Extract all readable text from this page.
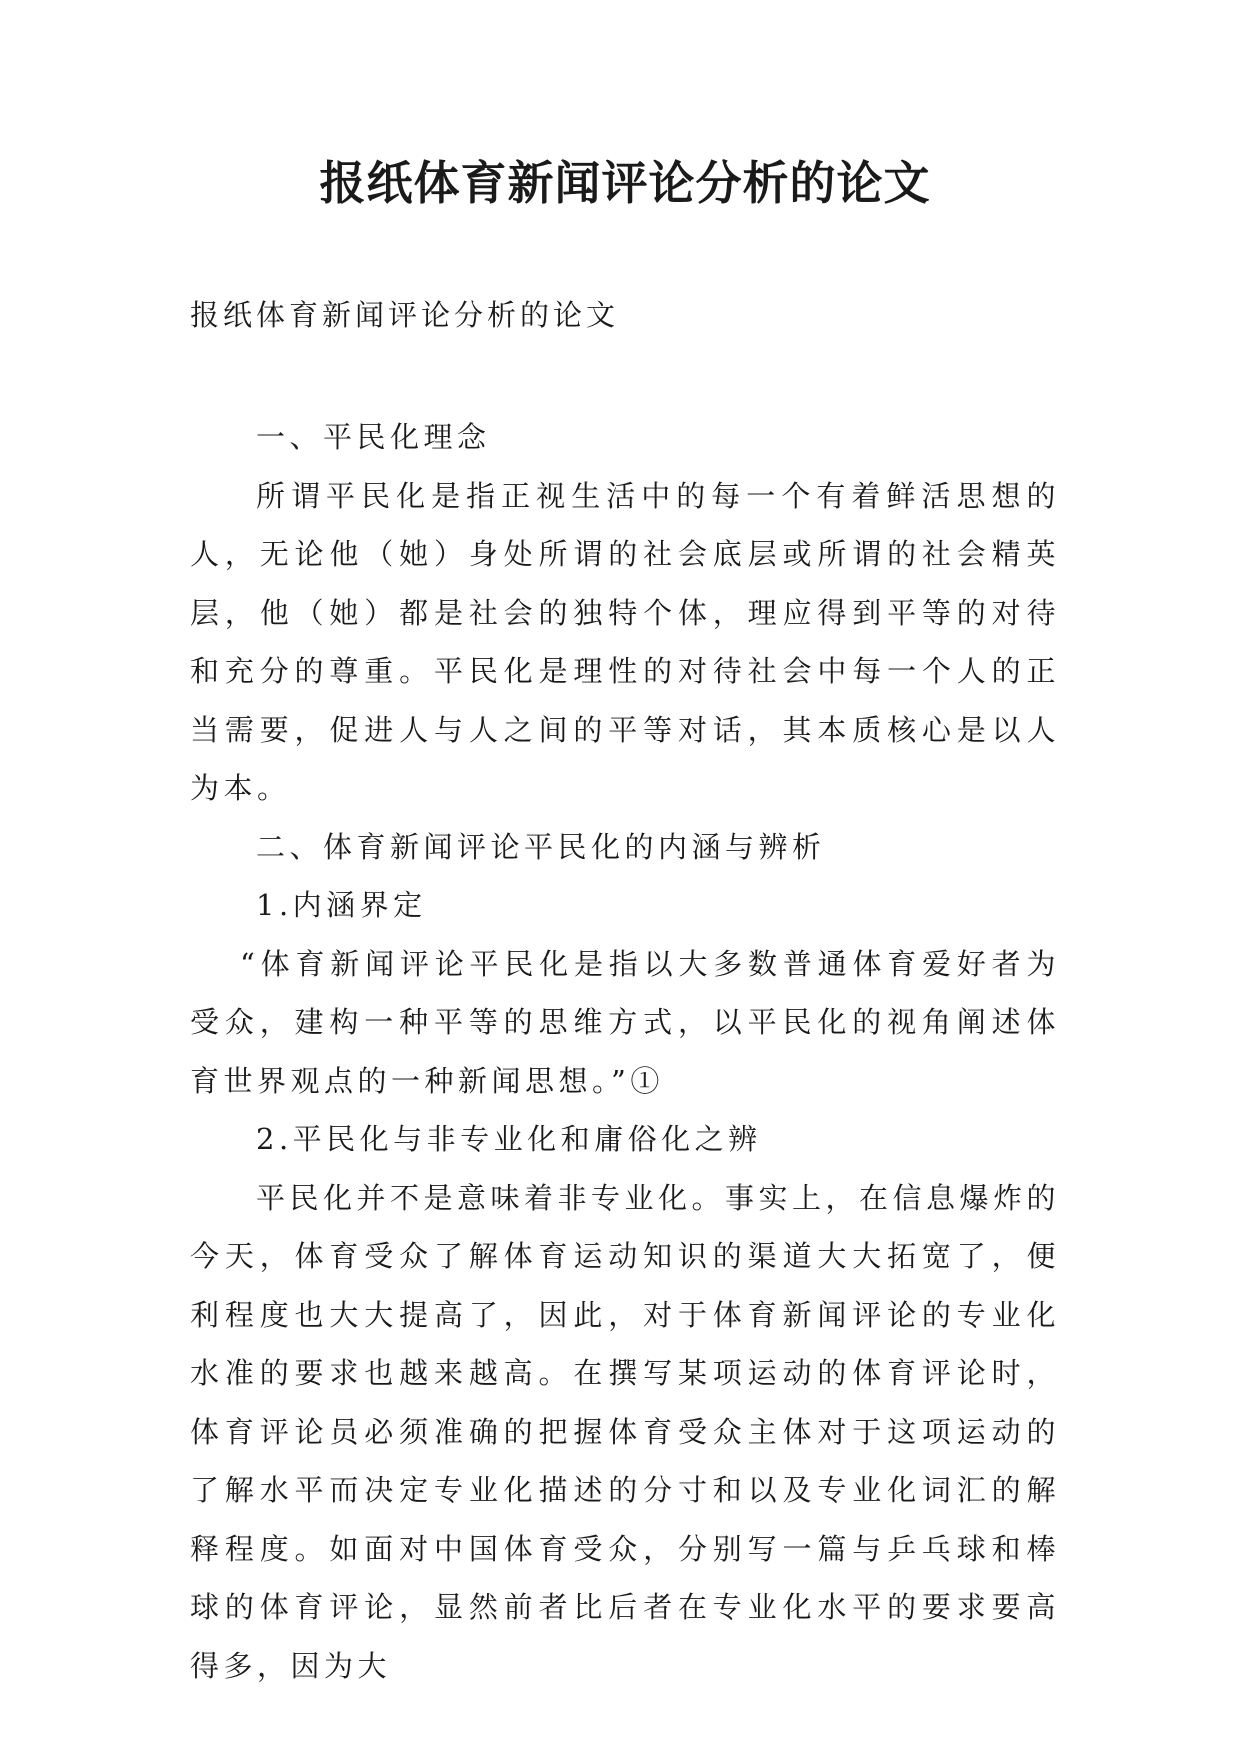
报纸体育新闻评论分析的论文

报纸体育新闻评论分析的论文

一、平民化理念

所谓平民化是指正视生活中的每一个有着鲜活思想的人，无论他（她）身处所谓的社会底层或所谓的社会精英层，他（她）都是社会的独特个体，理应得到平等的对待和充分的尊重。平民化是理性的对待社会中每一个人的正当需要，促进人与人之间的平等对话，其本质核心是以人为本。

二、体育新闻评论平民化的内涵与辨析

1.内涵界定

“体育新闻评论平民化是指以大多数普通体育爱好者为受众，建构一种平等的思维方式，以平民化的视角阐述体育世界观点的一种新闻思想。”①

2.平民化与非专业化和庸俗化之辨

平民化并不是意味着非专业化。事实上，在信息爆炸的今天，体育受众了解体育运动知识的渠道大大拓宽了，便利程度也大大提高了，因此，对于体育新闻评论的专业化水准的要求也越来越高。在撰写某项运动的体育评论时，体育评论员必须准确的把握体育受众主体对于这项运动的了解水平而决定专业化描述的分寸和以及专业化词汇的解释程度。如面对中国体育受众，分别写一篇与乒乓球和棒球的体育评论，显然前者比后者在专业化水平的要求要高得多，因为大
